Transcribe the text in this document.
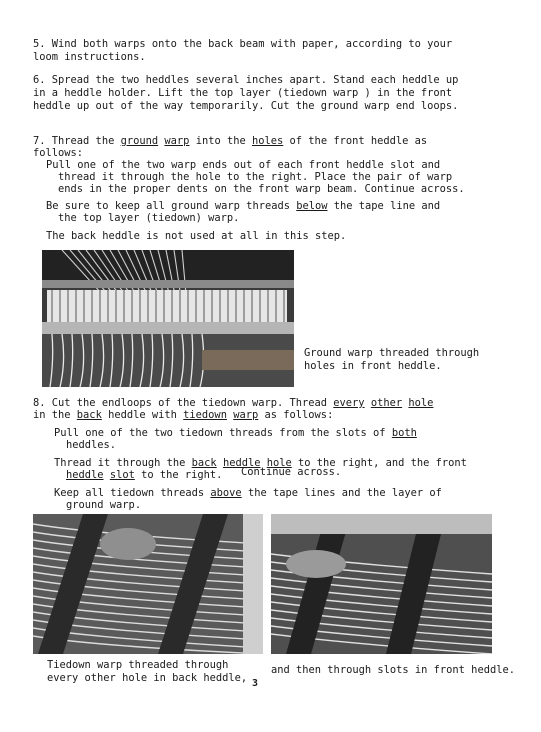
5. Wind both warps onto the back beam with paper, according to your
loom instructions.
6. Spread the two heddles several inches apart. Stand each heddle up
in a heddle holder. Lift the top layer (tiedown warp ) in the front
heddle up out of the way temporarily. Cut the ground warp end loops.
7. Thread the ground warp into the holes of the front heddle as
follows:
Pull one of the two warp ends out of each front heddle slot and
thread it through the hole to the right. Place the pair of warp
ends in the proper dents on the front warp beam. Continue across.
Be sure to keep all ground warp threads below the tape line and
the top layer (tiedown) warp.
The back heddle is not used at all in this step.
Ground warp threaded through
holes in front heddle.
8. Cut the endloops of the tiedown warp. Thread every other hole
in the back heddle with tiedown warp as follows:
Pull one of the two tiedown threads from the slots of both
heddles.
Thread it through the back heddle hole to the right, and the front
heddle slot to the right. Continue across.
Keep all tiedown threads above the tape lines and the layer of
ground warp.
Tiedown warp threaded through
every other hole in back heddle, 3
and then through slots in front heddle.
